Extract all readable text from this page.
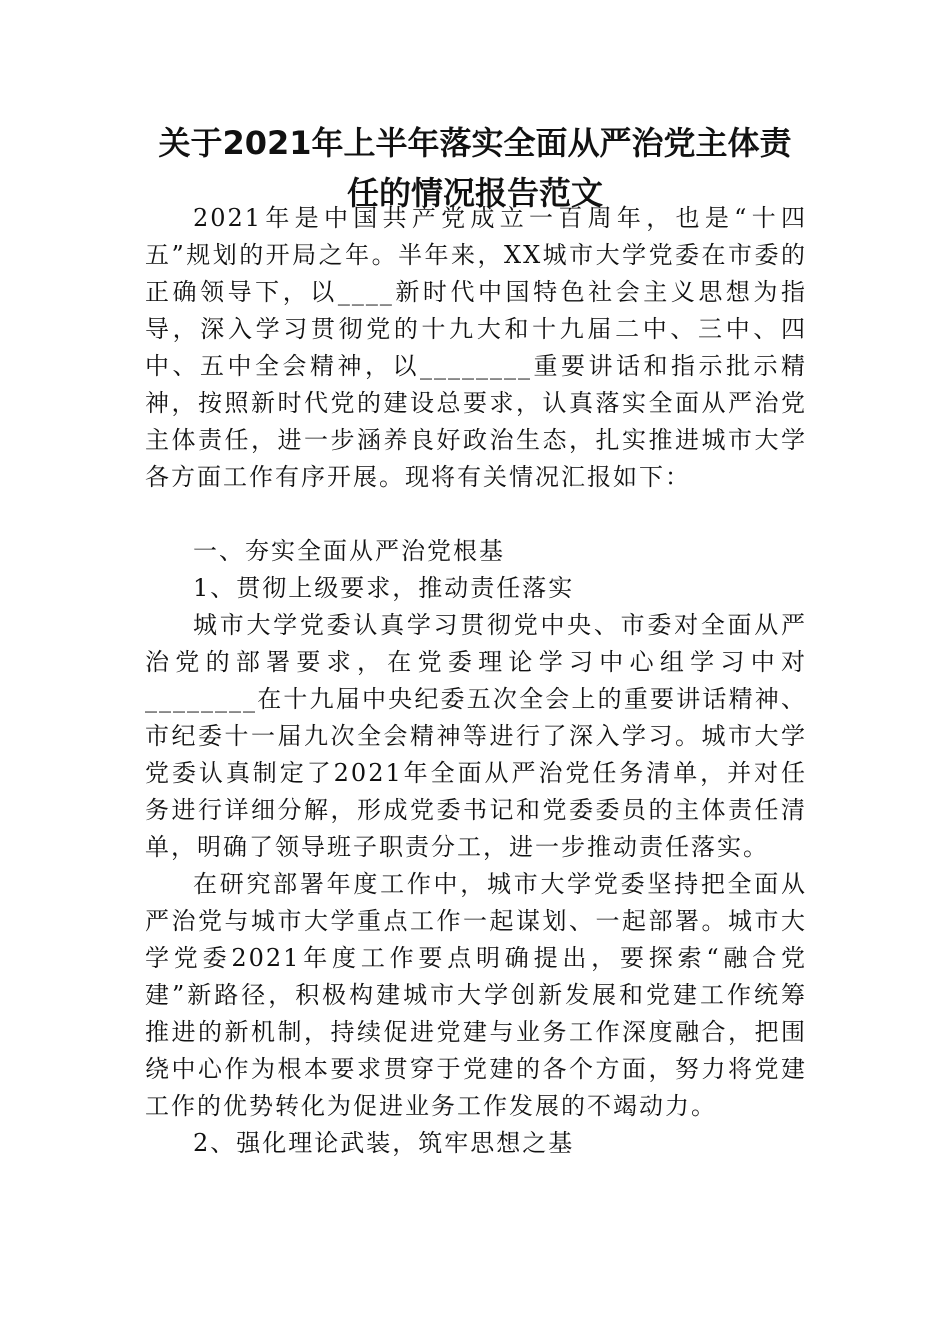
关于2021年上半年落实全面从严治党主体责
任的情况报告范文

2021年是中国共产党成立一百周年，也是“十四五”规划的开局之年。半年来，XX城市大学党委在市委的正确领导下，以____新时代中国特色社会主义思想为指导，深入学习贯彻党的十九大和十九届二中、三中、四中、五中全会精神，以________重要讲话和指示批示精神，按照新时代党的建设总要求，认真落实全面从严治党主体责任，进一步涵养良好政治生态，扎实推进城市大学各方面工作有序开展。现将有关情况汇报如下：

一、夯实全面从严治党根基

1、贯彻上级要求，推动责任落实

城市大学党委认真学习贯彻党中央、市委对全面从严治党的部署要求，在党委理论学习中心组学习中对________在十九届中央纪委五次全会上的重要讲话精神、市纪委十一届九次全会精神等进行了深入学习。城市大学党委认真制定了2021年全面从严治党任务清单，并对任务进行详细分解，形成党委书记和党委委员的主体责任清单，明确了领导班子职责分工，进一步推动责任落实。

在研究部署年度工作中，城市大学党委坚持把全面从严治党与城市大学重点工作一起谋划、一起部署。城市大学党委2021年度工作要点明确提出，要探索“融合党建”新路径，积极构建城市大学创新发展和党建工作统筹推进的新机制，持续促进党建与业务工作深度融合，把围绕中心作为根本要求贯穿于党建的各个方面，努力将党建工作的优势转化为促进业务工作发展的不竭动力。

2、强化理论武装，筑牢思想之基
